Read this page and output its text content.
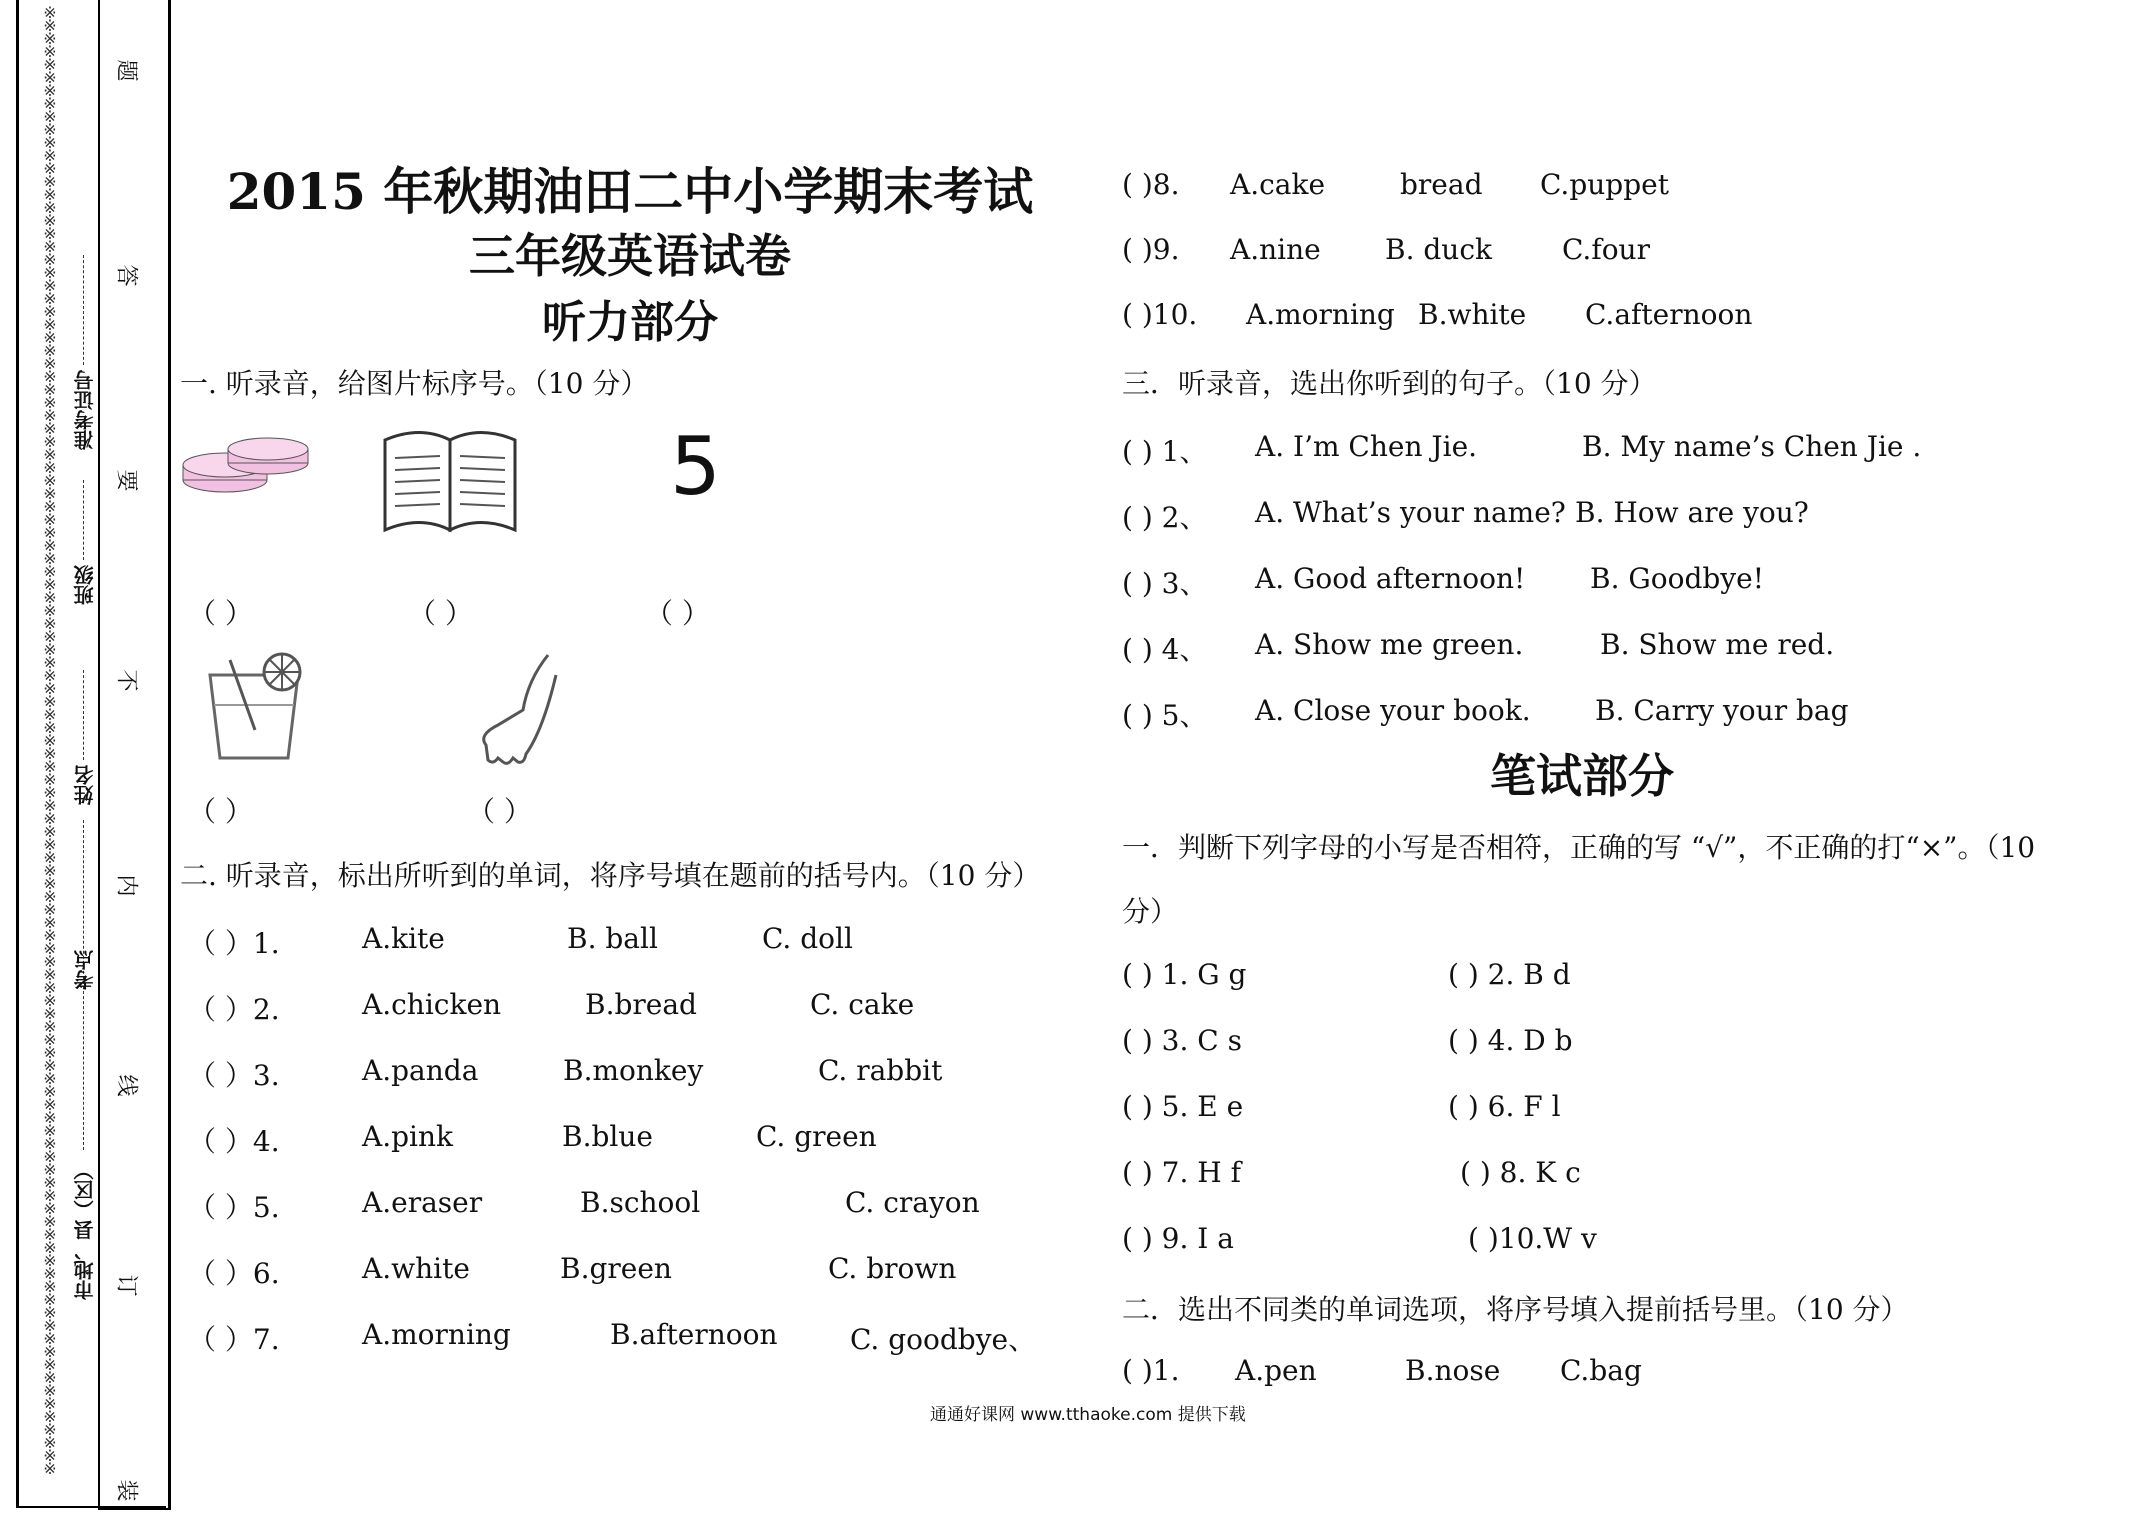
※※※※※※※※※※※※※※※※※※※※※※※※※※※※※※※※※※※※※※※※※※※※※※※※※※※※※※※※※※※※※※※※※※※※※※※※※※※※※※※※※※※※※※※※※※※※※※※※※※※※※※※※※※※※※※※※※
市地、县（区）
考点
姓名
班级
准考证号
题
答
要
不
内
线
订
装
2015 年秋期油田二中小学期末考试
三年级英语试卷
听力部分
一. 听录音，给图片标序号。（10 分）
5
（ ）	（ ）	（ ）
（ ）	（ ）
二. 听录音，标出所听到的单词，将序号填在题前的括号内。（10 分）
（ ）1.	A.kite	B. ball	C. doll
（ ）2.	A.chicken	B.bread	C. cake
（ ）3.	A.panda	B.monkey	C. rabbit
（ ）4.	A.pink	B.blue	C. green
（ ）5.	A.eraser	B.school	C. crayon
（ ）6.	A.white	B.green	C. brown
（ ）7.	A.morning	B.afternoon	C. goodbye、
( )8. A.cake	bread C.puppet
( )9. A.nine B. duck	C.four
( )10. A.morning B.white C.afternoon
三．听录音，选出你听到的句子。（10 分）
( ) 1、 A. I’m Chen Jie.	B. My name’s Chen Jie .
( ) 2、 A. What’s your name? B. How are you?
( ) 3、 A. Good afternoon! B. Goodbye!
( ) 4、 A. Show me green.	B. Show me red.
( ) 5、 A. Close your book. B. Carry your bag
笔试部分
一．判断下列字母的小写是否相符，正确的写 “√”，不正确的打“×”。（10
分）
( ) 1. G g	( ) 2. B d
( ) 3. C s	( ) 4. D b
( ) 5. E e	( ) 6. F l
( ) 7. H f	( ) 8. K c
( ) 9. I a	( )10.W v
二．选出不同类的单词选项，将序号填入提前括号里。（10 分）
( )1. A.pen	B.nose C.bag
通通好课网 www.tthaoke.com 提供下载
